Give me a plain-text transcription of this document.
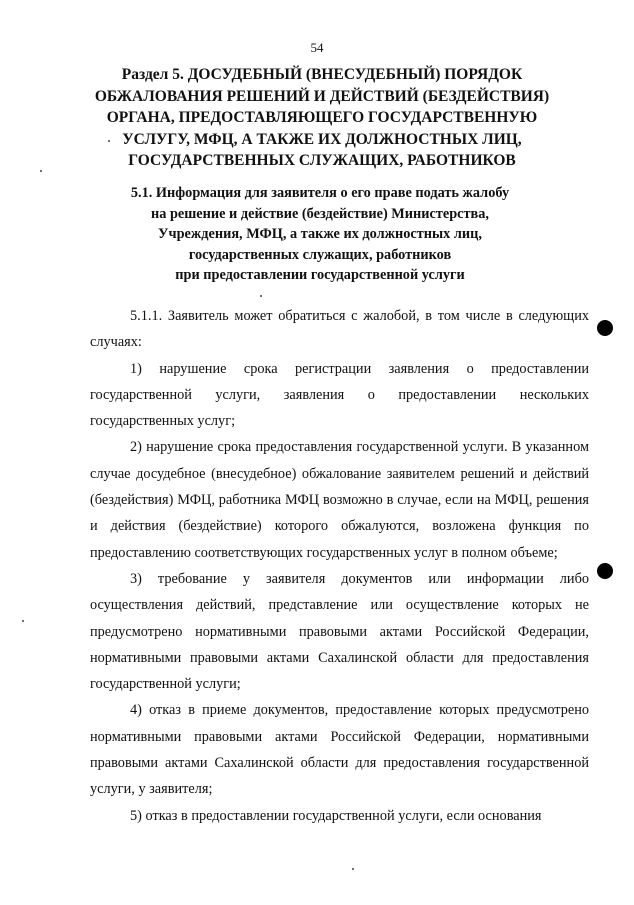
54
Раздел 5. ДОСУДЕБНЫЙ (ВНЕСУДЕБНЫЙ) ПОРЯДОК
ОБЖАЛОВАНИЯ РЕШЕНИЙ И ДЕЙСТВИЙ (БЕЗДЕЙСТВИЯ)
ОРГАНА, ПРЕДОСТАВЛЯЮЩЕГО ГОСУДАРСТВЕННУЮ
УСЛУГУ, МФЦ, А ТАКЖЕ ИХ ДОЛЖНОСТНЫХ ЛИЦ,
ГОСУДАРСТВЕННЫХ СЛУЖАЩИХ, РАБОТНИКОВ
5.1. Информация для заявителя о его праве подать жалобу
на решение и действие (бездействие) Министерства,
Учреждения, МФЦ, а также их должностных лиц,
государственных служащих, работников
при предоставлении государственной услуги

5.1.1. Заявитель может обратиться с жалобой, в том числе в следующих случаях:

1) нарушение срока регистрации заявления о предоставлении государственной услуги, заявления о предоставлении нескольких государственных услуг;

2) нарушение срока предоставления государственной услуги. В указанном случае досудебное (внесудебное) обжалование заявителем решений и действий (бездействия) МФЦ, работника МФЦ возможно в случае, если на МФЦ, решения и действия (бездействие) которого обжалуются, возложена функция по предоставлению соответствующих государственных услуг в полном объеме;

3) требование у заявителя документов или информации либо осуществления действий, представление или осуществление которых не предусмотрено нормативными правовыми актами Российской Федерации, нормативными правовыми актами Сахалинской области для предоставления государственной услуги;

4) отказ в приеме документов, предоставление которых предусмотрено нормативными правовыми актами Российской Федерации, нормативными правовыми актами Сахалинской области для предоставления государственной услуги, у заявителя;

5) отказ в предоставлении государственной услуги, если основания
